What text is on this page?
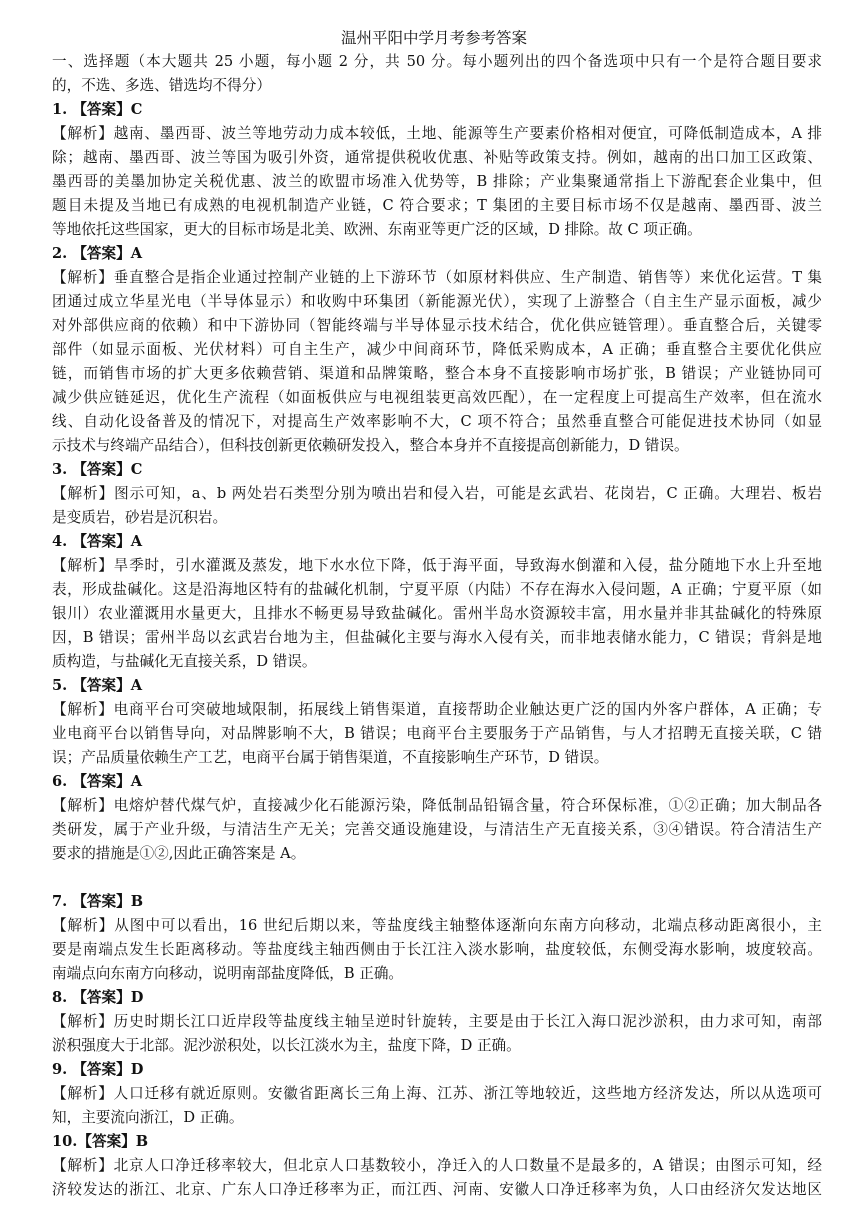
温州平阳中学月考参考答案
一、选择题（本大题共 25 小题，每小题 2 分，共 50 分。每小题列出的四个备选项中只有一个是符合题目要求
的，不选、多选、错选均不得分）
1. 【答案】C
【解析】越南、墨西哥、波兰等地劳动力成本较低，土地、能源等生产要素价格相对便宜，可降低制造成本，A 排
除；越南、墨西哥、波兰等国为吸引外资，通常提供税收优惠、补贴等政策支持。例如，越南的出口加工区政策、
墨西哥的美墨加协定关税优惠、波兰的欧盟市场准入优势等，B 排除；产业集聚通常指上下游配套企业集中，但
题目未提及当地已有成熟的电视机制造产业链，C 符合要求；T 集团的主要目标市场不仅是越南、墨西哥、波兰
等地依托这些国家，更大的目标市场是北美、欧洲、东南亚等更广泛的区域，D 排除。故 C 项正确。
2. 【答案】A
【解析】垂直整合是指企业通过控制产业链的上下游环节（如原材料供应、生产制造、销售等）来优化运营。T 集
团通过成立华星光电（半导体显示）和收购中环集团（新能源光伏），实现了上游整合（自主生产显示面板，减少
对外部供应商的依赖）和中下游协同（智能终端与半导体显示技术结合，优化供应链管理）。垂直整合后，关键零
部件（如显示面板、光伏材料）可自主生产，减少中间商环节，降低采购成本，A 正确；垂直整合主要优化供应
链，而销售市场的扩大更多依赖营销、渠道和品牌策略，整合本身不直接影响市场扩张，B 错误；产业链协同可
减少供应链延迟，优化生产流程（如面板供应与电视组装更高效匹配），在一定程度上可提高生产效率，但在流水
线、自动化设备普及的情况下，对提高生产效率影响不大，C 项不符合；虽然垂直整合可能促进技术协同（如显
示技术与终端产品结合），但科技创新更依赖研发投入，整合本身并不直接提高创新能力，D 错误。
3. 【答案】C
【解析】图示可知，a、b 两处岩石类型分别为喷出岩和侵入岩，可能是玄武岩、花岗岩，C 正确。大理岩、板岩
是变质岩，砂岩是沉积岩。
4. 【答案】A
【解析】旱季时，引水灌溉及蒸发，地下水水位下降，低于海平面，导致海水倒灌和入侵，盐分随地下水上升至地
表，形成盐碱化。这是沿海地区特有的盐碱化机制，宁夏平原（内陆）不存在海水入侵问题，A 正确；宁夏平原（如
银川）农业灌溉用水量更大，且排水不畅更易导致盐碱化。雷州半岛水资源较丰富，用水量并非其盐碱化的特殊原
因，B 错误；雷州半岛以玄武岩台地为主，但盐碱化主要与海水入侵有关，而非地表储水能力，C 错误；背斜是地
质构造，与盐碱化无直接关系，D 错误。
5. 【答案】A
【解析】电商平台可突破地域限制，拓展线上销售渠道，直接帮助企业触达更广泛的国内外客户群体，A 正确；专
业电商平台以销售导向，对品牌影响不大，B 错误；电商平台主要服务于产品销售，与人才招聘无直接关联，C 错
误；产品质量依赖生产工艺，电商平台属于销售渠道，不直接影响生产环节，D 错误。
6. 【答案】A
【解析】电熔炉替代煤气炉，直接减少化石能源污染，降低制品铅镉含量，符合环保标准，①②正确；加大制品各
类研发，属于产业升级，与清洁生产无关；完善交通设施建设，与清洁生产无直接关系，③④错误。符合清洁生产
要求的措施是①②,因此正确答案是 A。
7. 【答案】B
【解析】从图中可以看出，16 世纪后期以来，等盐度线主轴整体逐渐向东南方向移动，北端点移动距离很小，主
要是南端点发生长距离移动。等盐度线主轴西侧由于长江注入淡水影响，盐度较低，东侧受海水影响，坡度较高。
南端点向东南方向移动，说明南部盐度降低，B 正确。
8. 【答案】D
【解析】历史时期长江口近岸段等盐度线主轴呈逆时针旋转，主要是由于长江入海口泥沙淤积，由力求可知，南部
淤积强度大于北部。泥沙淤积处，以长江淡水为主，盐度下降，D 正确。
9. 【答案】D
【解析】人口迁移有就近原则。安徽省距离长三角上海、江苏、浙江等地较近，这些地方经济发达，所以从选项可
知，主要流向浙江，D 正确。
10.【答案】B
【解析】北京人口净迁移率较大，但北京人口基数较小，净迁入的人口数量不是最多的，A 错误；由图示可知，经
济较发达的浙江、北京、广东人口净迁移率为正，而江西、河南、安徽人口净迁移率为负，人口由经济欠发达地区
